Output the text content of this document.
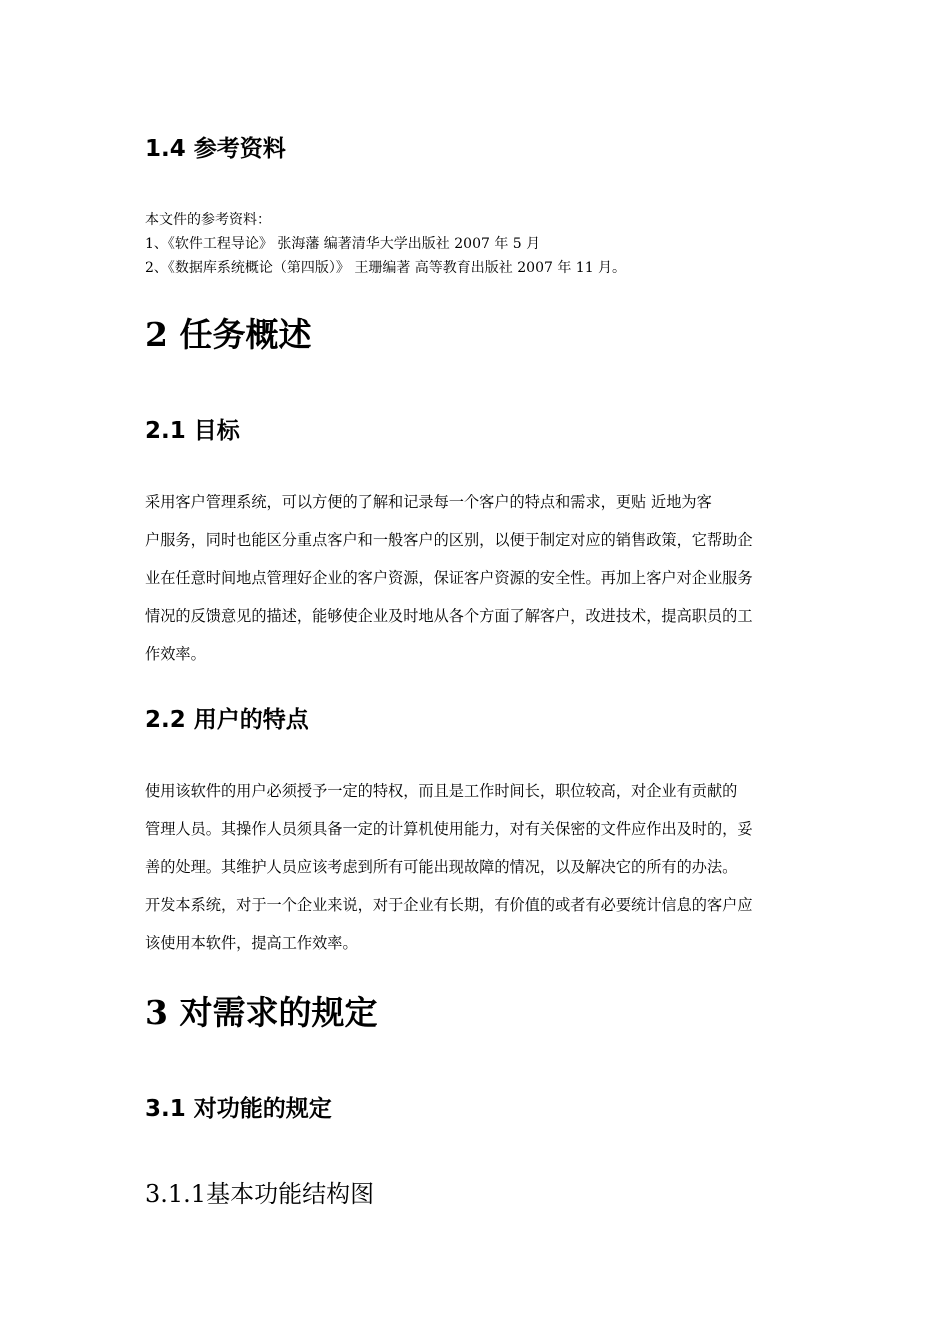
1.4 参考资料

本文件的参考资料：

1、《软件工程导论》 张海藩 编著清华大学出版社 2007 年 5 月

2、《数据库系统概论（第四版）》 王珊编著 高等教育出版社 2007 年 11 月。

2 任务概述
2.1 目标
采用客户管理系统，可以方便的了解和记录每一个客户的特点和需求，更贴 近地为客
户服务，同时也能区分重点客户和一般客户的区别，以便于制定对应的销售政策，它帮助企
业在任意时间地点管理好企业的客户资源，保证客户资源的安全性。再加上客户对企业服务
情况的反馈意见的描述，能够使企业及时地从各个方面了解客户，改进技术，提高职员的工
作效率。
2.2 用户的特点
使用该软件的用户必须授予一定的特权，而且是工作时间长，职位较高，对企业有贡献的
管理人员。其操作人员须具备一定的计算机使用能力，对有关保密的文件应作出及时的，妥
善的处理。其维护人员应该考虑到所有可能出现故障的情况，以及解决它的所有的办法。
开发本系统，对于一个企业来说，对于企业有长期，有价值的或者有必要统计信息的客户应
该使用本软件，提高工作效率。
3 对需求的规定
3.1 对功能的规定
3.1.1基本功能结构图
